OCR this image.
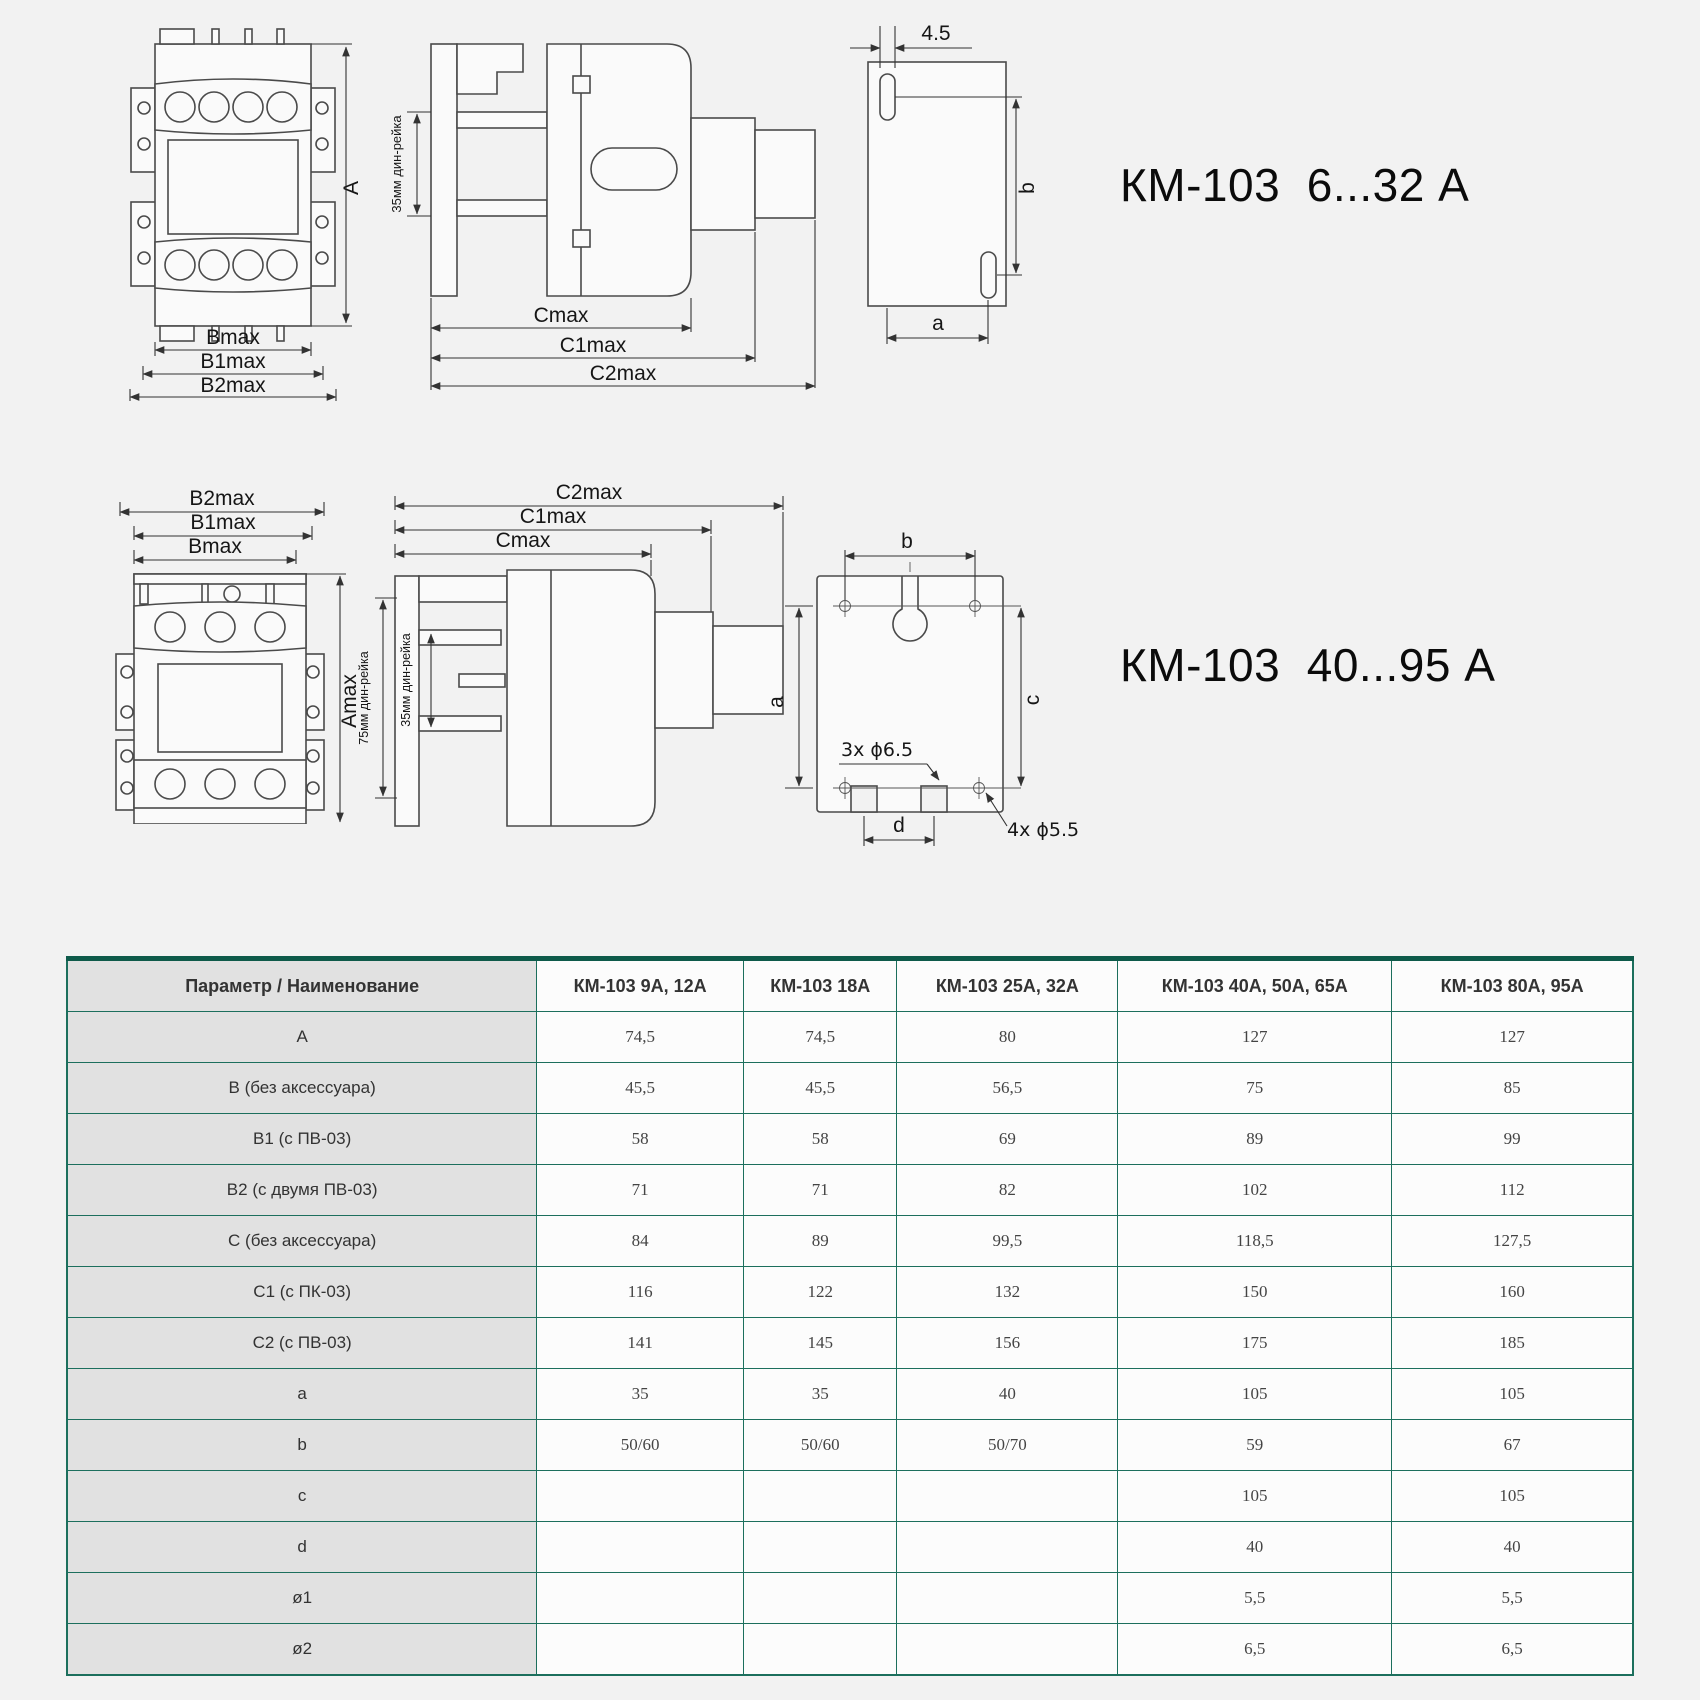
A
Bmax
B1max
B2max
35мм дин-рейка
Cmax
C1max
C2max
4.5
b
a
КМ-103  6...32 А
B2max
B1max
Bmax
Amax
C2max
C1max
Cmax
75мм дин-рейка 35мм дин-рейка
b
a	c
d
3x ϕ6.5
4x ϕ5.5
КМ-103  40...95 А
Параметр / Наименование	КМ-103 9А, 12А	КМ-103 18А	КМ-103 25А, 32А	КМ-103 40А, 50А, 65А	КМ-103 80А, 95А
A	74,5	74,5	80	127	127
B (без аксессуара)	45,5	45,5	56,5	75	85
B1 (с ПВ-03)	58	58	69	89	99
B2 (с двумя ПВ-03)	71	71	82	102	112
C (без аксессуара)	84	89	99,5	118,5	127,5
C1 (с ПК-03)	116	122	132	150	160
C2 (с ПВ-03)	141	145	156	175	185
a	35	35	40	105	105
b	50/60	50/60	50/70	59	67
c				105	105
d				40	40
ø1				5,5	5,5
ø2				6,5	6,5
